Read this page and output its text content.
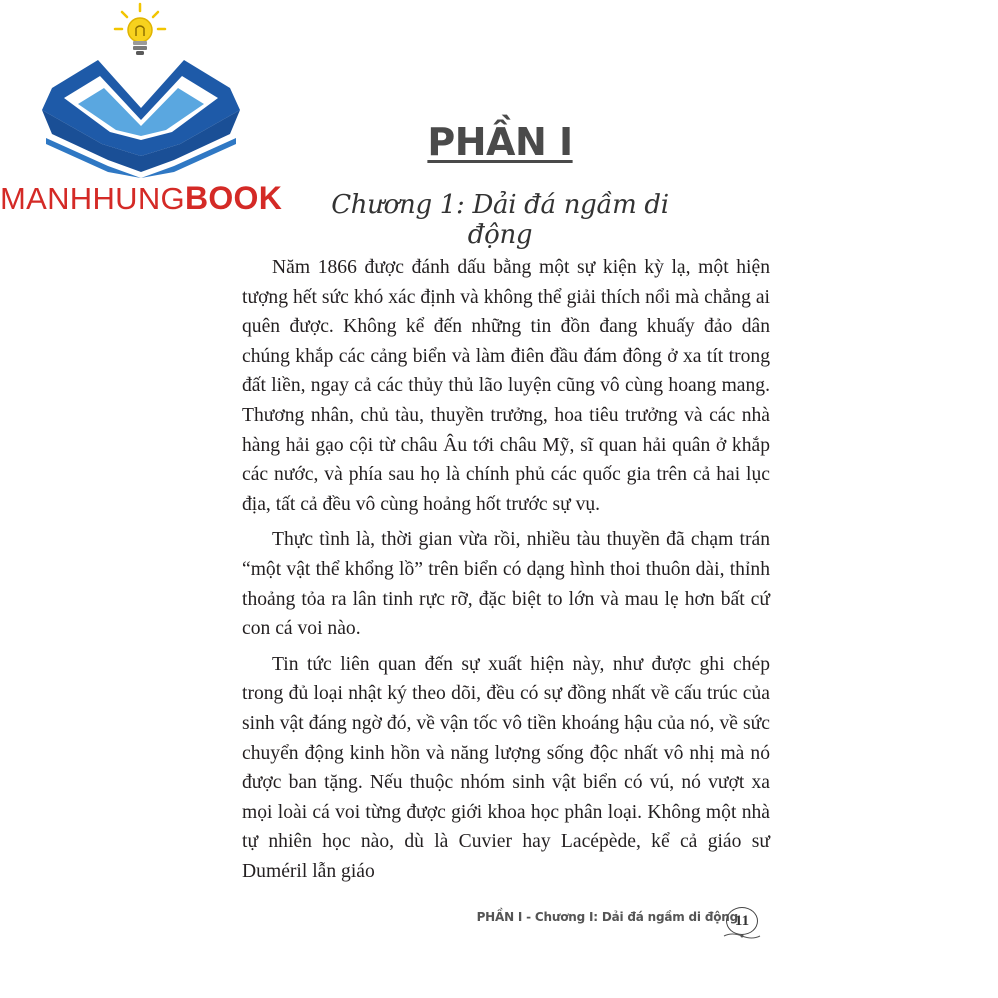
MANHHUNGBOOK
PHẦN I
Chương 1: Dải đá ngầm di động

Năm 1866 được đánh dấu bằng một sự kiện kỳ lạ, một hiện tượng hết sức khó xác định và không thể giải thích nổi mà chẳng ai quên được. Không kể đến những tin đồn đang khuấy đảo dân chúng khắp các cảng biển và làm điên đầu đám đông ở xa tít trong đất liền, ngay cả các thủy thủ lão luyện cũng vô cùng hoang mang. Thương nhân, chủ tàu, thuyền trưởng, hoa tiêu trưởng và các nhà hàng hải gạo cội từ châu Âu tới châu Mỹ, sĩ quan hải quân ở khắp các nước, và phía sau họ là chính phủ các quốc gia trên cả hai lục địa, tất cả đều vô cùng hoảng hốt trước sự vụ.

Thực tình là, thời gian vừa rồi, nhiều tàu thuyền đã chạm trán “một vật thể khổng lồ” trên biển có dạng hình thoi thuôn dài, thỉnh thoảng tỏa ra lân tinh rực rỡ, đặc biệt to lớn và mau lẹ hơn bất cứ con cá voi nào.

Tin tức liên quan đến sự xuất hiện này, như được ghi chép trong đủ loại nhật ký theo dõi, đều có sự đồng nhất về cấu trúc của sinh vật đáng ngờ đó, về vận tốc vô tiền khoáng hậu của nó, về sức chuyển động kinh hồn và năng lượng sống độc nhất vô nhị mà nó được ban tặng. Nếu thuộc nhóm sinh vật biển có vú, nó vượt xa mọi loài cá voi từng được giới khoa học phân loại. Không một nhà tự nhiên học nào, dù là Cuvier hay Lacépède, kể cả giáo sư Duméril lẫn giáo

PHẦN I - Chương I: Dải đá ngầm di động
11
